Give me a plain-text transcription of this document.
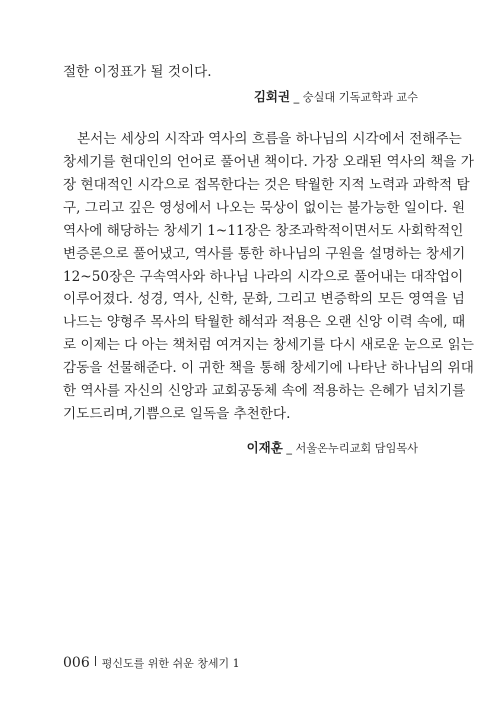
절한 이정표가 될 것이다.

김회권 _ 숭실대 기독교학과 교수
본서는 세상의 시작과 역사의 흐름을 하나님의 시각에서 전해주는
창세기를 현대인의 언어로 풀어낸 책이다. 가장 오래된 역사의 책을 가
장 현대적인 시각으로 접목한다는 것은 탁월한 지적 노력과 과학적 탐
구, 그리고 깊은 영성에서 나오는 묵상이 없이는 불가능한 일이다. 원
역사에 해당하는 창세기 1~11장은 창조과학적이면서도 사회학적인
변증론으로 풀어냈고, 역사를 통한 하나님의 구원을 설명하는 창세기
12~50장은 구속역사와 하나님 나라의 시각으로 풀어내는 대작업이
이루어졌다. 성경, 역사, 신학, 문화, 그리고 변증학의 모든 영역을 넘
나드는 양형주 목사의 탁월한 해석과 적용은 오랜 신앙 이력 속에, 때
로 이제는 다 아는 책처럼 여겨지는 창세기를 다시 새로운 눈으로 읽는
감동을 선물해준다. 이 귀한 책을 통해 창세기에 나타난 하나님의 위대
한 역사를 자신의 신앙과 교회공동체 속에 적용하는 은혜가 넘치기를
기도드리며,기쁨으로 일독을 추천한다.
이재훈 _ 서울온누리교회 담임목사
006 평신도를 위한 쉬운 창세기 1
